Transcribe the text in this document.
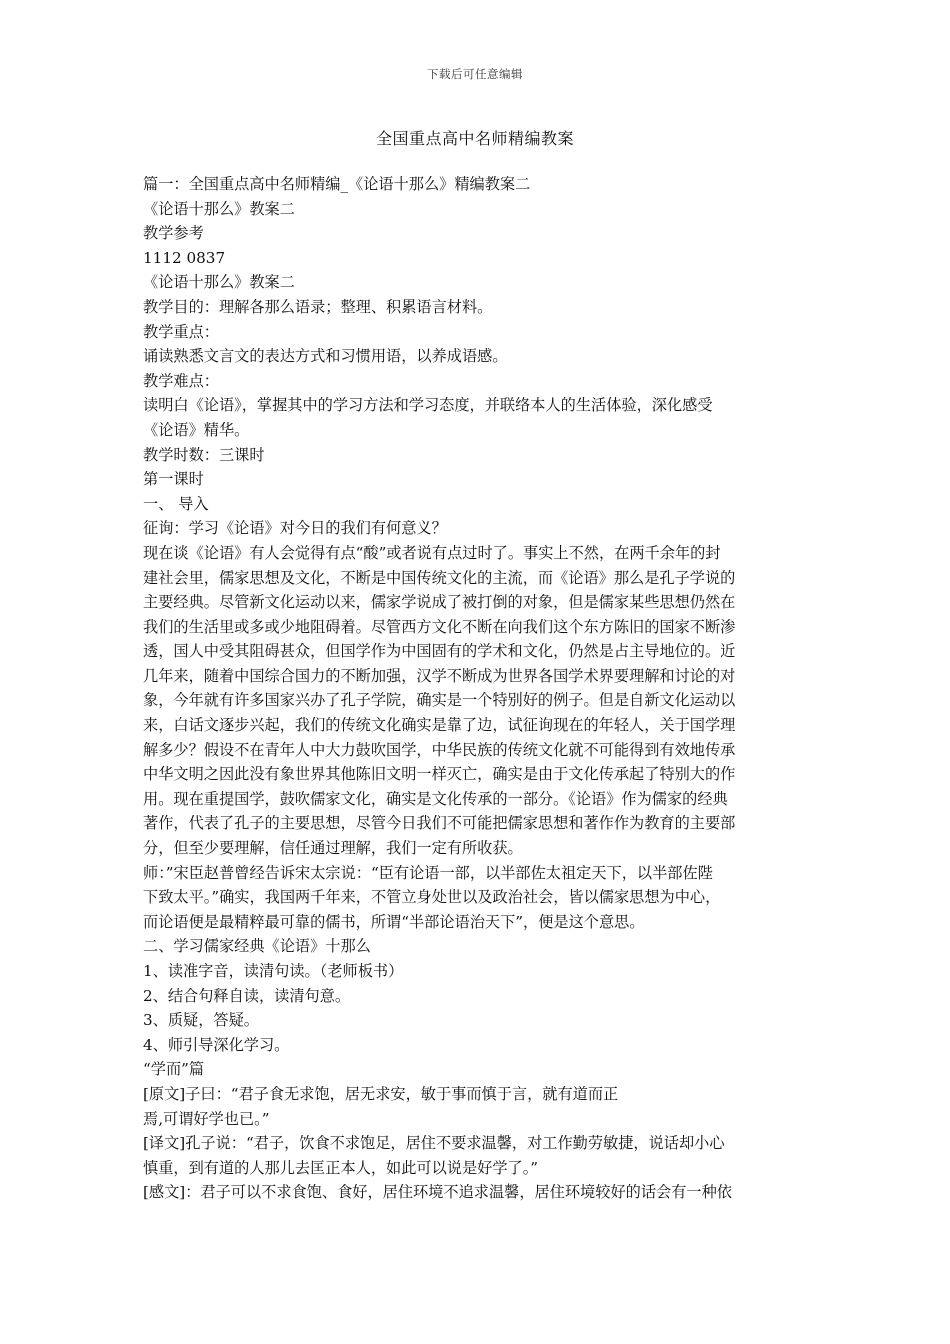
下载后可任意编辑
全国重点高中名师精编教案
篇一：全国重点高中名师精编_《论语十那么》精编教案二
《论语十那么》教案二
教学参考
1112 0837
《论语十那么》教案二
教学目的：理解各那么语录；整理、积累语言材料。
教学重点：
诵读熟悉文言文的表达方式和习惯用语，以养成语感。
教学难点：
读明白《论语》，掌握其中的学习方法和学习态度，并联络本人的生活体验，深化感受
《论语》精华。
教学时数：三课时
第一课时
一、 导入
征询：学习《论语》对今日的我们有何意义？
现在谈《论语》有人会觉得有点“酸”或者说有点过时了。事实上不然，在两千余年的封
建社会里，儒家思想及文化，不断是中国传统文化的主流，而《论语》那么是孔子学说的
主要经典。尽管新文化运动以来，儒家学说成了被打倒的对象，但是儒家某些思想仍然在
我们的生活里或多或少地阻碍着。尽管西方文化不断在向我们这个东方陈旧的国家不断渗
透，国人中受其阻碍甚众，但国学作为中国固有的学术和文化，仍然是占主导地位的。近
几年来，随着中国综合国力的不断加强，汉学不断成为世界各国学术界要理解和讨论的对
象，今年就有许多国家兴办了孔子学院，确实是一个特别好的例子。但是自新文化运动以
来，白话文逐步兴起，我们的传统文化确实是靠了边，试征询现在的年轻人，关于国学理
解多少？假设不在青年人中大力鼓吹国学，中华民族的传统文化就不可能得到有效地传承
中华文明之因此没有象世界其他陈旧文明一样灭亡，确实是由于文化传承起了特别大的作
用。现在重提国学，鼓吹儒家文化，确实是文化传承的一部分。《论语》作为儒家的经典
著作，代表了孔子的主要思想，尽管今日我们不可能把儒家思想和著作作为教育的主要部
分，但至少要理解，信任通过理解，我们一定有所收获。
师：”宋臣赵普曾经告诉宋太宗说：“臣有论语一部，以半部佐太祖定天下，以半部佐陛
下致太平。”确实，我国两千年来，不管立身处世以及政治社会，皆以儒家思想为中心，
而论语便是最精粹最可靠的儒书，所谓“半部论语治天下”，便是这个意思。
二、学习儒家经典《论语》十那么
1、读准字音，读清句读。（老师板书）
2、结合句释自读，读清句意。
3、质疑，答疑。
4、师引导深化学习。
“学而”篇
[原文]子曰：“君子食无求饱，居无求安，敏于事而慎于言，就有道而正
焉,可谓好学也已。”
[译文]孔子说：“君子，饮食不求饱足，居住不要求温馨，对工作勤劳敏捷，说话却小心
慎重，到有道的人那儿去匡正本人，如此可以说是好学了。”
[感文]：君子可以不求食饱、食好，居住环境不追求温馨，居住环境较好的话会有一种依
